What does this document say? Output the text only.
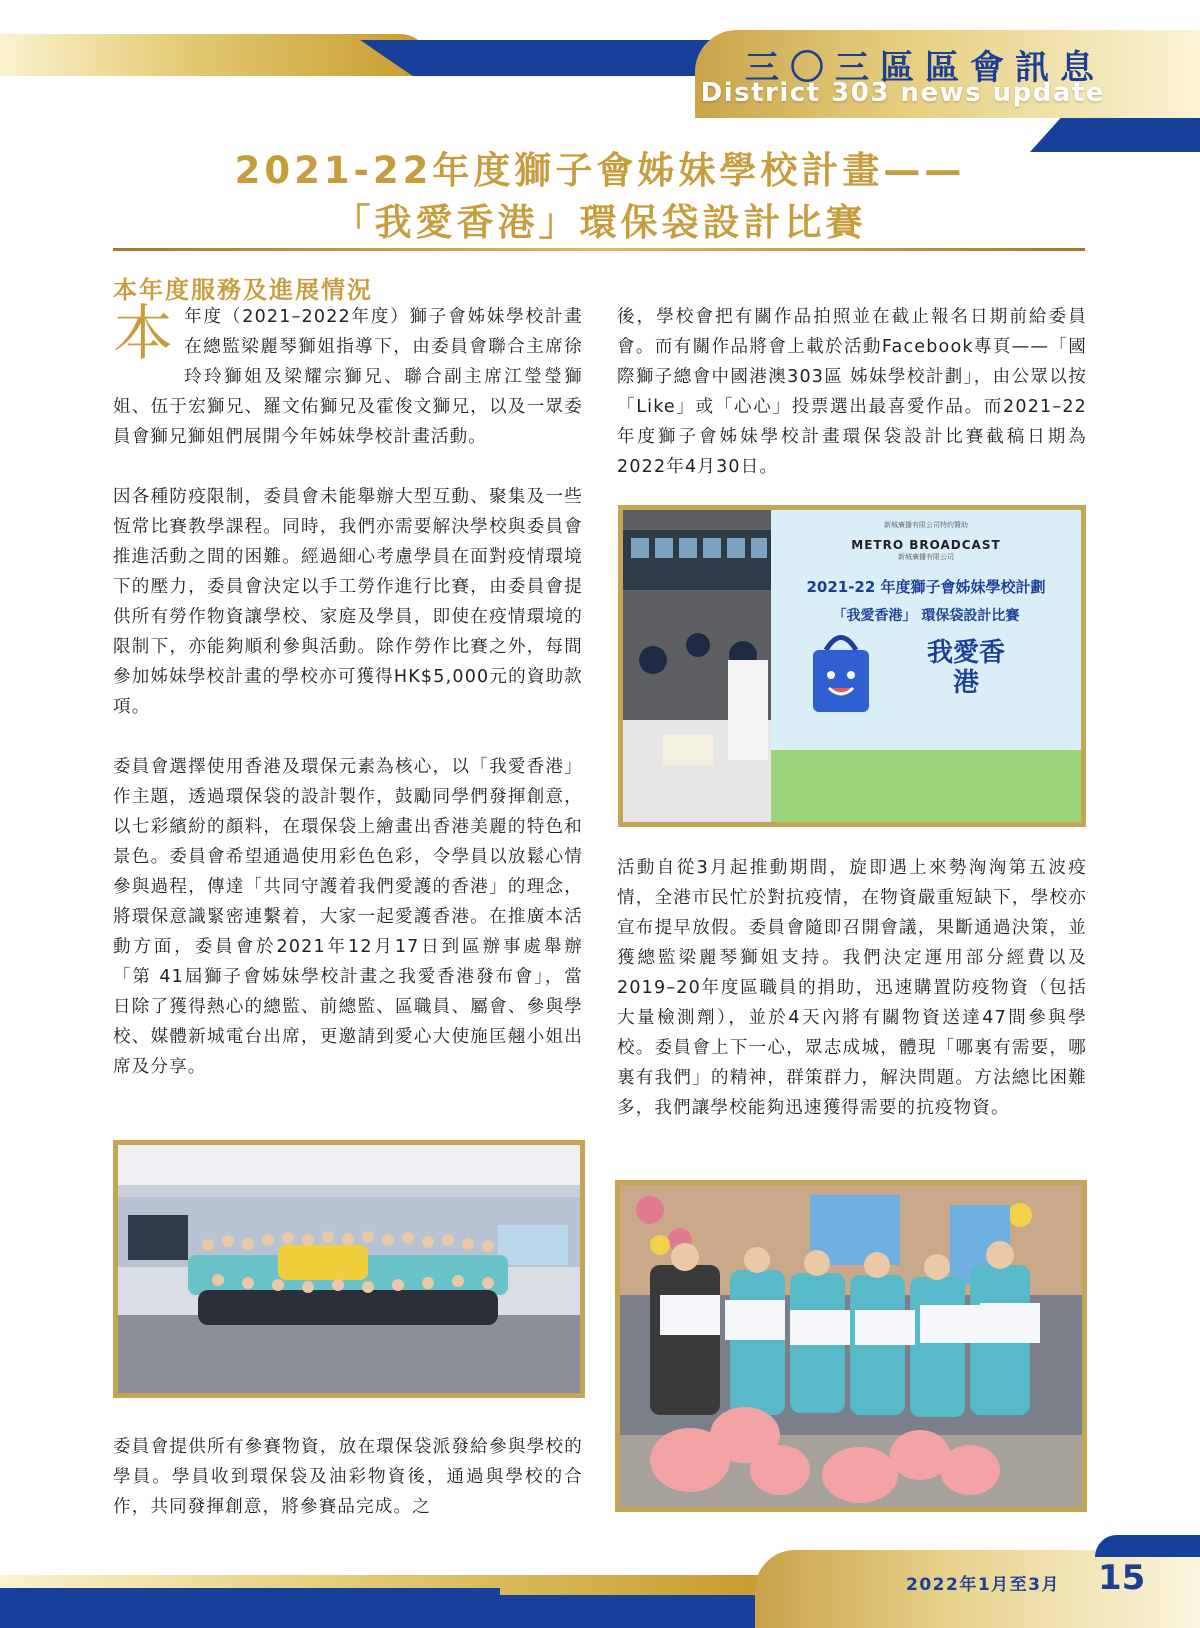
三〇三區區會訊息

District 303 news update

2021-22年度獅子會姊妹學校計畫——
「我愛香港」環保袋設計比賽
本年度服務及進展情況

本年度（2021–2022年度）獅子會姊妹學校計畫在總監梁麗琴獅姐指導下，由委員會聯合主席徐玲玲獅姐及梁耀宗獅兄、聯合副主席江瑩瑩獅姐、伍于宏獅兄、羅文佑獅兄及霍俊文獅兄，以及一眾委員會獅兄獅姐們展開今年姊妹學校計畫活動。

因各種防疫限制，委員會未能舉辦大型互動、聚集及一些恆常比賽教學課程。同時，我們亦需要解決學校與委員會推進活動之間的困難。經過細心考慮學員在面對疫情環境下的壓力，委員會決定以手工勞作進行比賽，由委員會提供所有勞作物資讓學校、家庭及學員，即使在疫情環境的限制下，亦能夠順利參與活動。除作勞作比賽之外，每間參加姊妹學校計畫的學校亦可獲得HK$5,000元的資助款項。

委員會選擇使用香港及環保元素為核心，以「我愛香港」作主題，透過環保袋的設計製作，鼓勵同學們發揮創意，以七彩繽紛的顏料，在環保袋上繪畫出香港美麗的特色和景色。委員會希望通過使用彩色色彩，令學員以放鬆心情參與過程，傳達「共同守護着我們愛護的香港」的理念，將環保意識緊密連繫着，大家一起愛護香港。在推廣本活動方面，委員會於2021年12月17日到區辦事處舉辦「第 41屆獅子會姊妹學校計畫之我愛香港發布會」，當日除了獲得熱心的總監、前總監、區職員、屬會、參與學校、媒體新城電台出席，更邀請到愛心大使施匡翹小姐出席及分享。

委員會提供所有參賽物資，放在環保袋派發給參與學校的學員。學員收到環保袋及油彩物資後，通過與學校的合作，共同發揮創意，將參賽品完成。之

後，學校會把有關作品拍照並在截止報名日期前給委員會。而有關作品將會上載於活動Facebook專頁——「國際獅子總會中國港澳303區 姊妹學校計劃」，由公眾以按「Like」或「心心」投票選出最喜愛作品。而2021–22年度獅子會姊妹學校計畫環保袋設計比賽截稿日期為2022年4月30日。

新城廣播有限公司特約贊助
METRO BROADCAST
新城廣播有限公司
2021-22 年度獅子會姊妹學校計劃
「我愛香港」 環保袋設計比賽
我愛香港

活動自從3月起推動期間，旋即遇上來勢洶洶第五波疫情，全港市民忙於對抗疫情，在物資嚴重短缺下，學校亦宣布提早放假。委員會隨即召開會議，果斷通過決策，並獲總監梁麗琴獅姐支持。我們決定運用部分經費以及2019–20年度區職員的捐助，迅速購置防疫物資（包括大量檢測劑），並於4天內將有關物資送達47間參與學校。委員會上下一心，眾志成城，體現「哪裏有需要，哪裏有我們」的精神，群策群力，解決問題。方法總比困難多，我們讓學校能夠迅速獲得需要的抗疫物資。

2022年1月至3月 15
